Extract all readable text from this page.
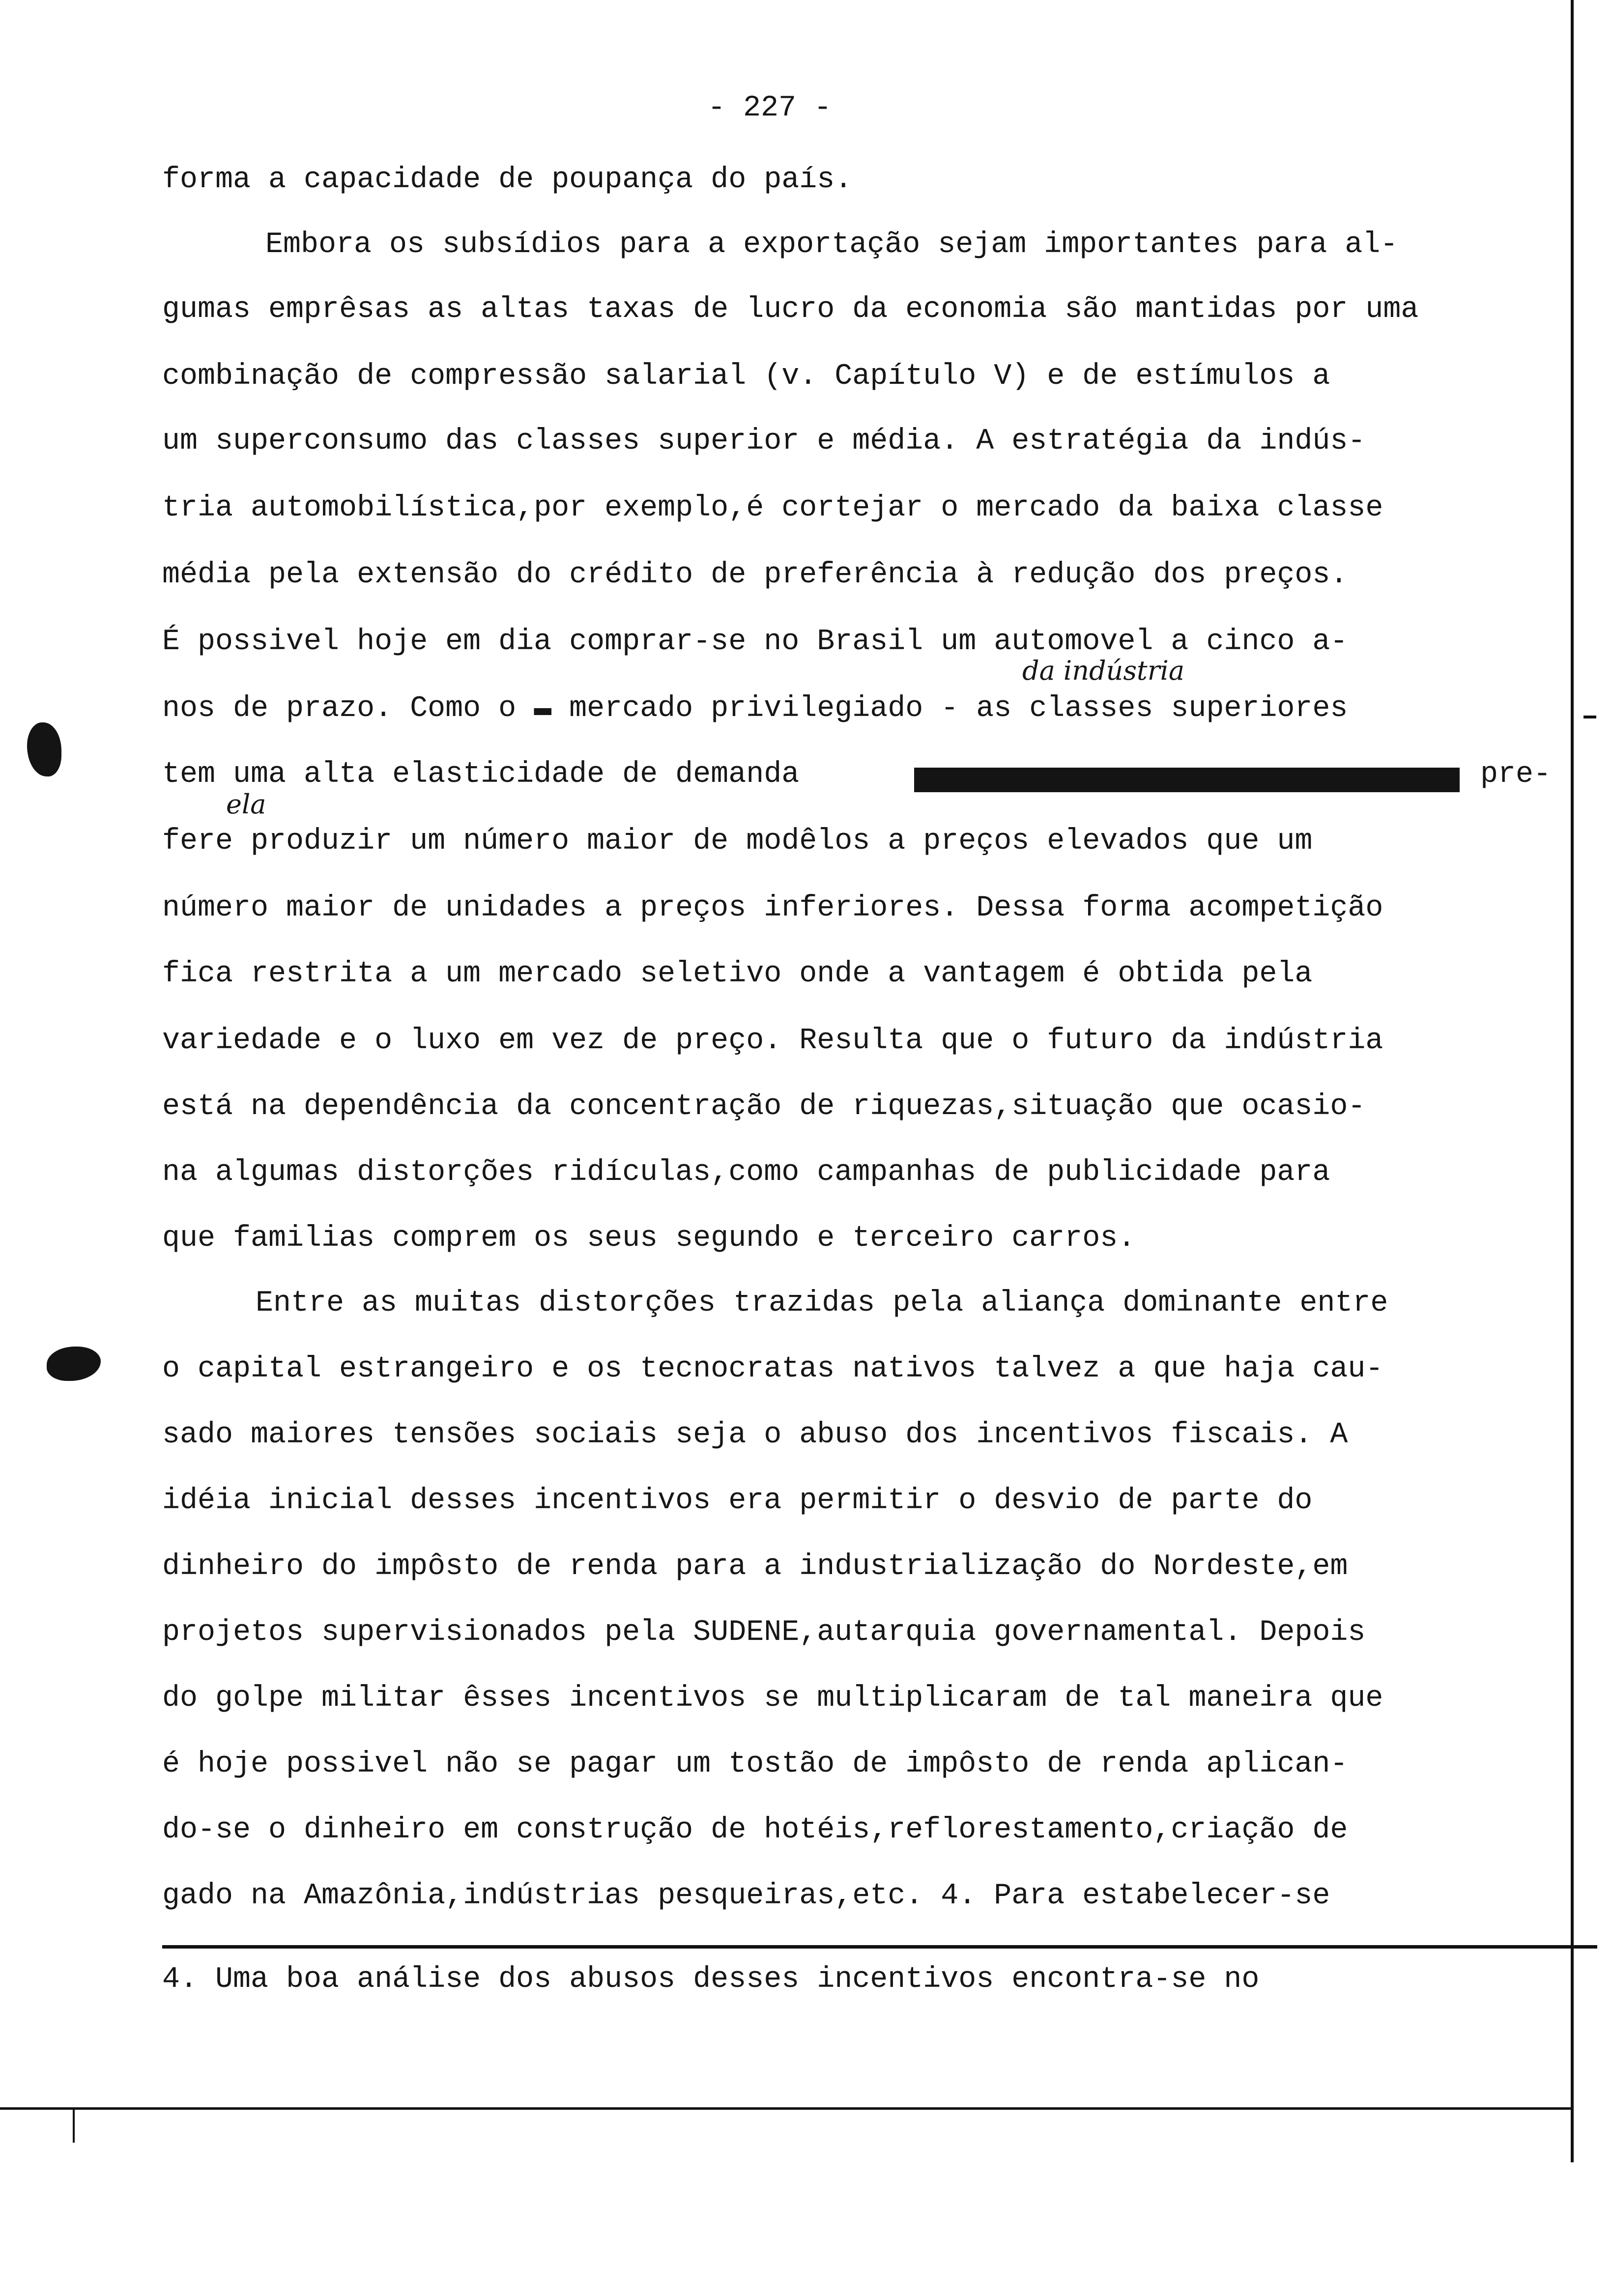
- 227 -
forma a capacidade de poupança do país.
Embora os subsídios para a exportação sejam importantes para al-
gumas emprêsas as altas taxas de lucro da economia são mantidas por uma
combinação de compressão salarial (v. Capítulo V) e de estímulos a
um superconsumo das classes superior e média. A estratégia da indús-
tria automobilística,por exemplo,é cortejar o mercado da baixa classe
média pela extensão do crédito de preferência à redução dos preços.
É possivel hoje em dia comprar-se no Brasil um automovel a cinco a-
nos de prazo. Como o ▬ mercado privilegiado - as classes superiores
tem uma alta elasticidade de demanda	pre-
fere produzir um número maior de modêlos a preços elevados que um
número maior de unidades a preços inferiores. Dessa forma acompetição
fica restrita a um mercado seletivo onde a vantagem é obtida pela
variedade e o luxo em vez de preço. Resulta que o futuro da indústria
está na dependência da concentração de riquezas,situação que ocasio-
na algumas distorções ridículas,como campanhas de publicidade para
que familias comprem os seus segundo e terceiro carros.
Entre as muitas distorções trazidas pela aliança dominante entre
o capital estrangeiro e os tecnocratas nativos talvez a que haja cau-
sado maiores tensões sociais seja o abuso dos incentivos fiscais. A
idéia inicial desses incentivos era permitir o desvio de parte do
dinheiro do impôsto de renda para a industrialização do Nordeste,em
projetos supervisionados pela SUDENE,autarquia governamental. Depois
do golpe militar êsses incentivos se multiplicaram de tal maneira que
é hoje possivel não se pagar um tostão de impôsto de renda aplican-
do-se o dinheiro em construção de hotéis,reflorestamento,criação de
gado na Amazônia,indústrias pesqueiras,etc. 4. Para estabelecer-se
da indústria
ela
4. Uma boa análise dos abusos desses incentivos encontra-se no
